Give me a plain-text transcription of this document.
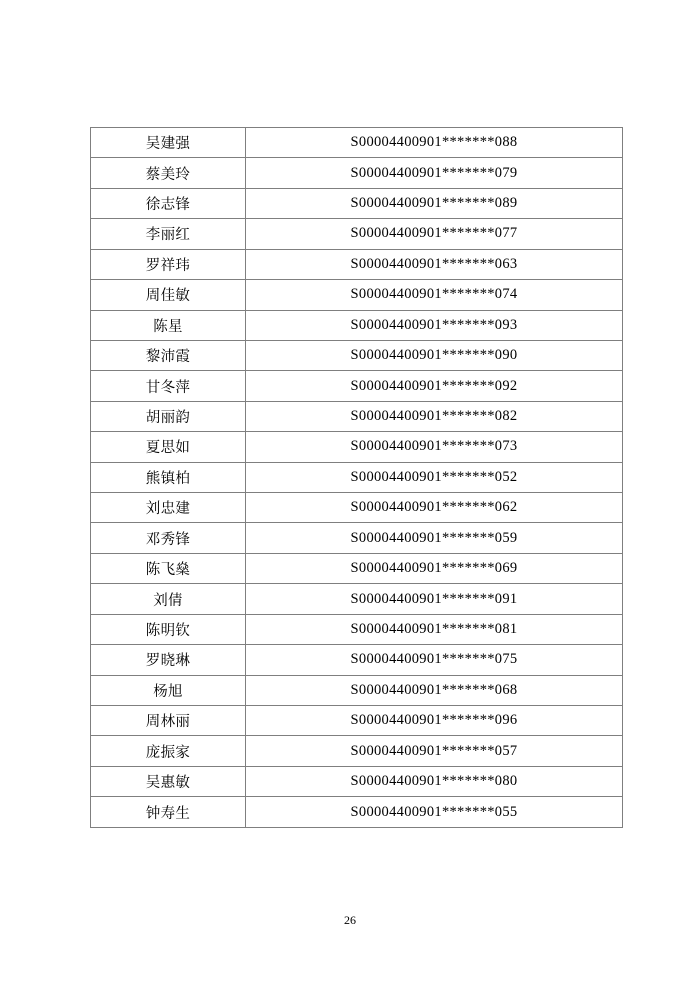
吴建强	S00004400901*******088
蔡美玲	S00004400901*******079
徐志锋	S00004400901*******089
李丽红	S00004400901*******077
罗祥玮	S00004400901*******063
周佳敏	S00004400901*******074
陈星	S00004400901*******093
黎沛霞	S00004400901*******090
甘冬萍	S00004400901*******092
胡丽韵	S00004400901*******082
夏思如	S00004400901*******073
熊镇柏	S00004400901*******052
刘忠建	S00004400901*******062
邓秀锋	S00004400901*******059
陈飞燊	S00004400901*******069
刘倩	S00004400901*******091
陈明钦	S00004400901*******081
罗晓琳	S00004400901*******075
杨旭	S00004400901*******068
周林丽	S00004400901*******096
庞振家	S00004400901*******057
吴惠敏	S00004400901*******080
钟寿生	S00004400901*******055
26
